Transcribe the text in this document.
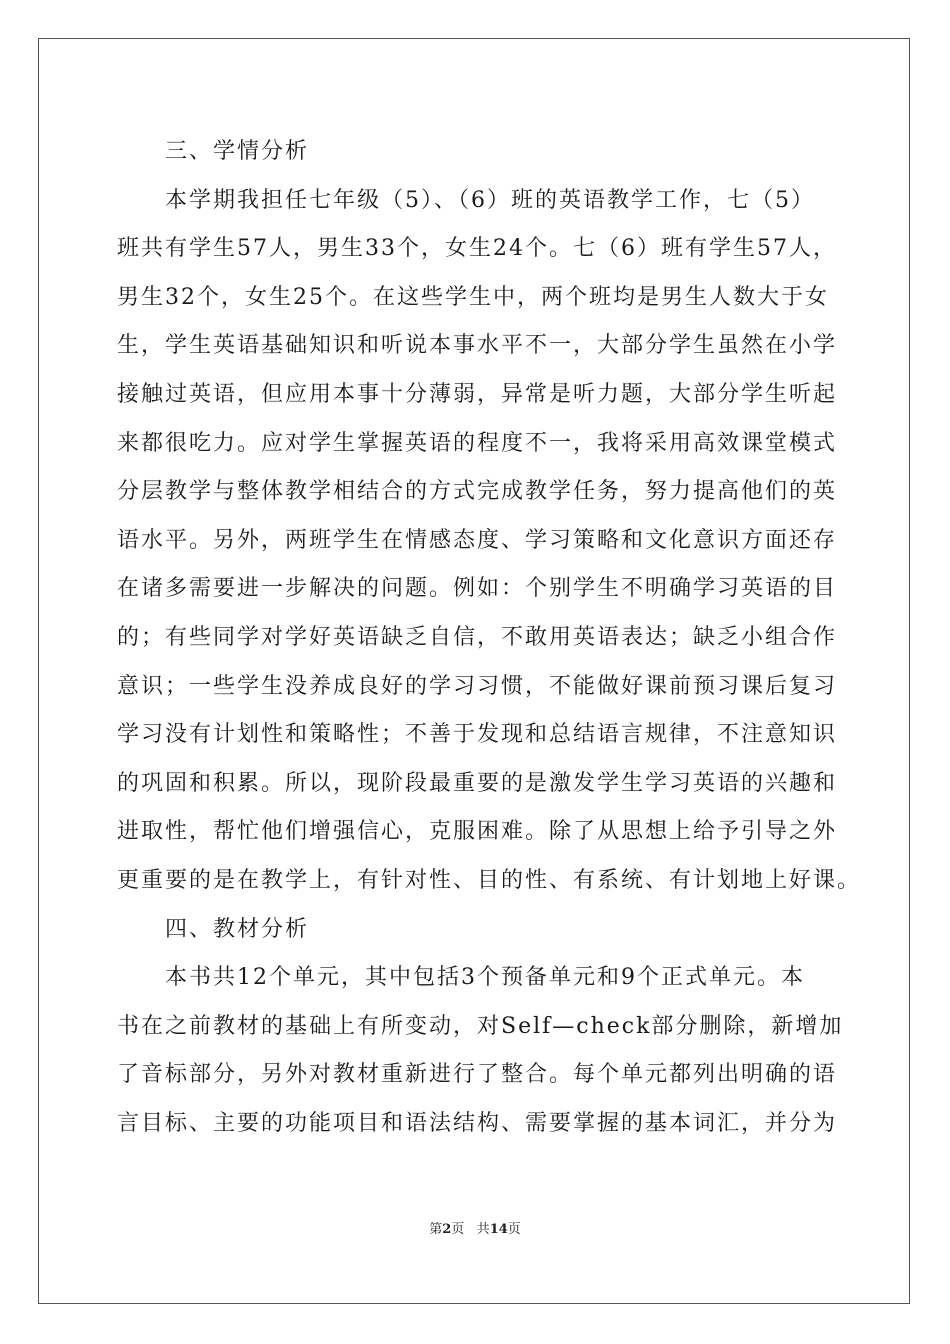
三、学情分析
本学期我担任七年级（5）、（6）班的英语教学工作，七（5）
班共有学生57人，男生33个，女生24个。七（6）班有学生57人，
男生32个，女生25个。在这些学生中，两个班均是男生人数大于女
生，学生英语基础知识和听说本事水平不一，大部分学生虽然在小学
接触过英语，但应用本事十分薄弱，异常是听力题，大部分学生听起
来都很吃力。应对学生掌握英语的程度不一，我将采用高效课堂模式
分层教学与整体教学相结合的方式完成教学任务，努力提高他们的英
语水平。另外，两班学生在情感态度、学习策略和文化意识方面还存
在诸多需要进一步解决的问题。例如：个别学生不明确学习英语的目
的；有些同学对学好英语缺乏自信，不敢用英语表达；缺乏小组合作
意识；一些学生没养成良好的学习习惯，不能做好课前预习课后复习
学习没有计划性和策略性；不善于发现和总结语言规律，不注意知识
的巩固和积累。所以，现阶段最重要的是激发学生学习英语的兴趣和
进取性，帮忙他们增强信心，克服困难。除了从思想上给予引导之外
更重要的是在教学上，有针对性、目的性、有系统、有计划地上好课。
四、教材分析
本书共12个单元，其中包括3个预备单元和9个正式单元。本
书在之前教材的基础上有所变动，对Self—check部分删除，新增加
了音标部分，另外对教材重新进行了整合。每个单元都列出明确的语
言目标、主要的功能项目和语法结构、需要掌握的基本词汇，并分为
第2页 共14页
